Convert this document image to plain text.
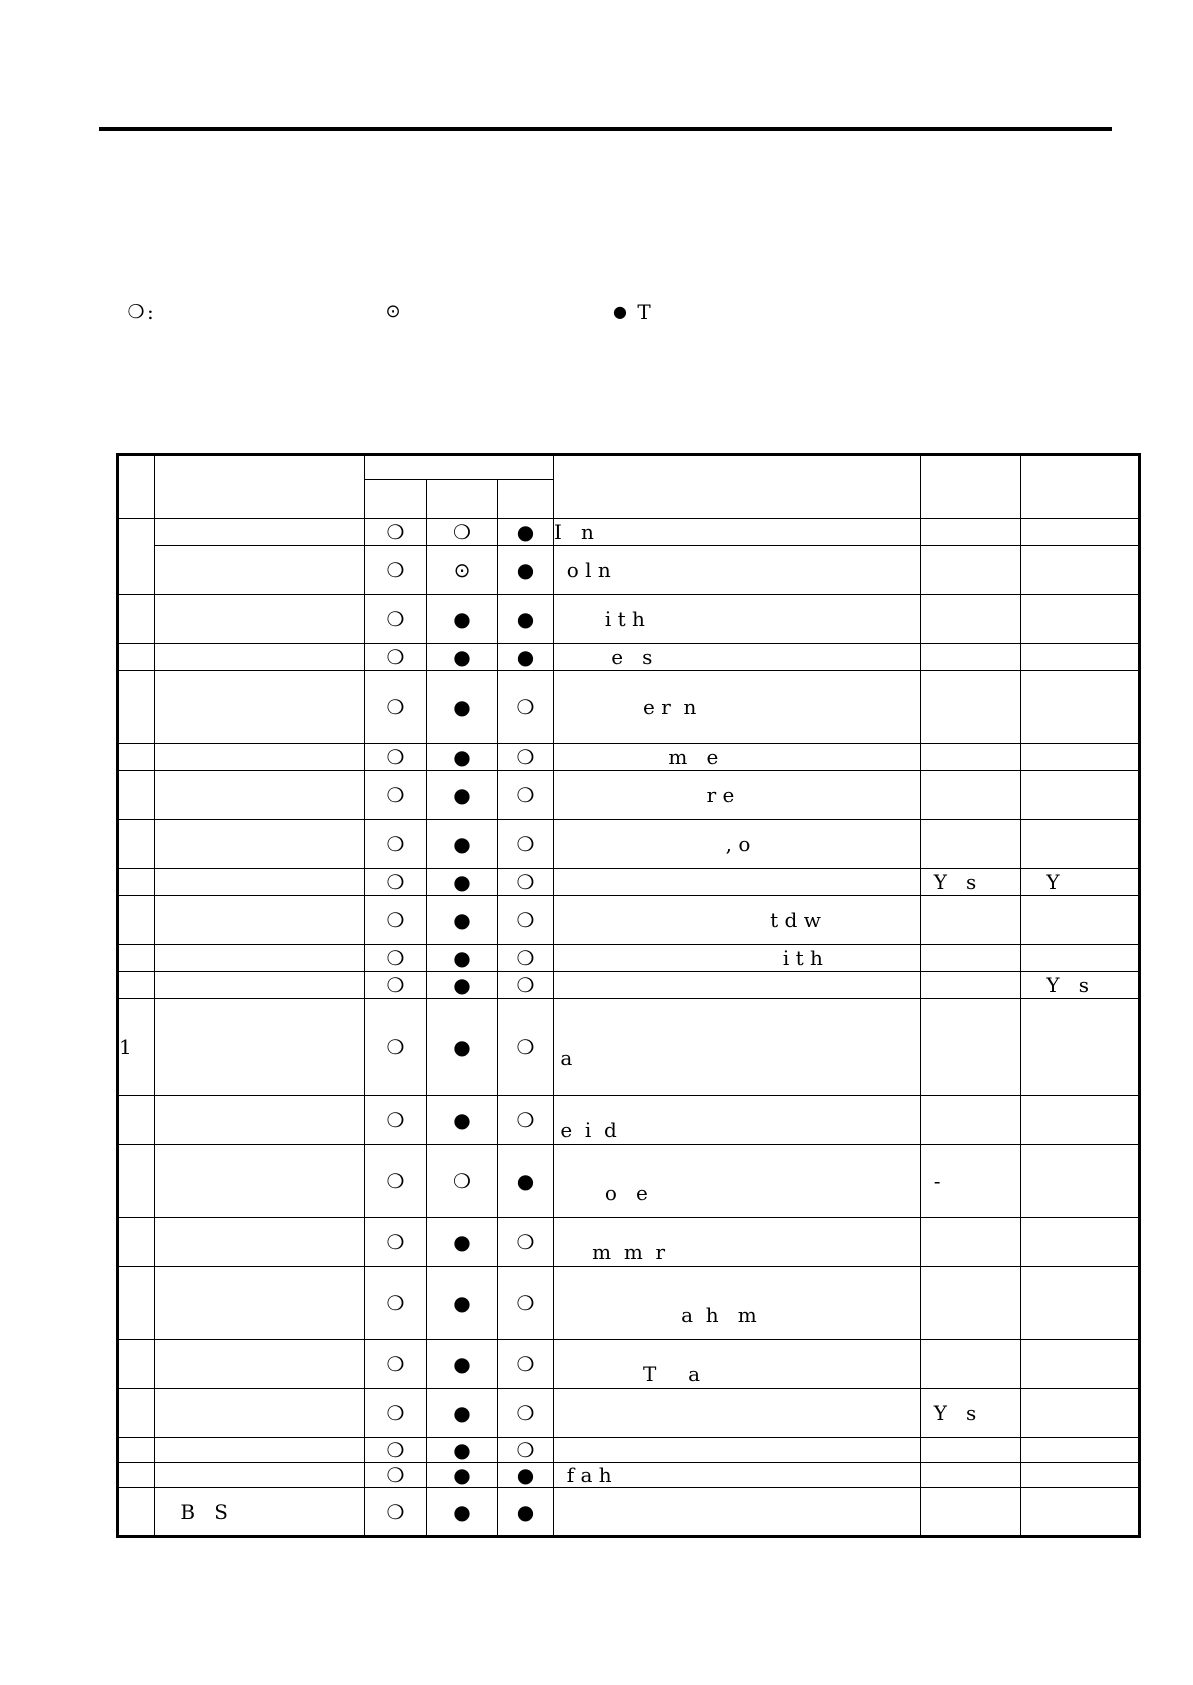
❍ :	⊙	● T

		❍	❍	●	I   n		
		❍	⊙	●	o l n		
		❍	●	●	i t h		
		❍	●	●	e   s		
		❍	●	❍	e r  n		
		❍	●	❍	m   e		
		❍	●	❍	r e		
		❍	●	❍	, o		
		❍	●	❍		Y   s	Y
		❍	●	❍	t d w		
		❍	●	❍	i t h		
		❍	●	❍			Y   s
1		❍	●	❍	a		
		❍	●	❍	e  i  d		
		❍	❍	●	o   e	-	
		❍	●	❍	m  m  r		
		❍	●	❍	a  h   m		
		❍	●	❍	T     a		
		❍	●	❍		Y   s	
		❍	●	❍			
		❍	●	●	f a h		
	B   S	❍	●	●			
